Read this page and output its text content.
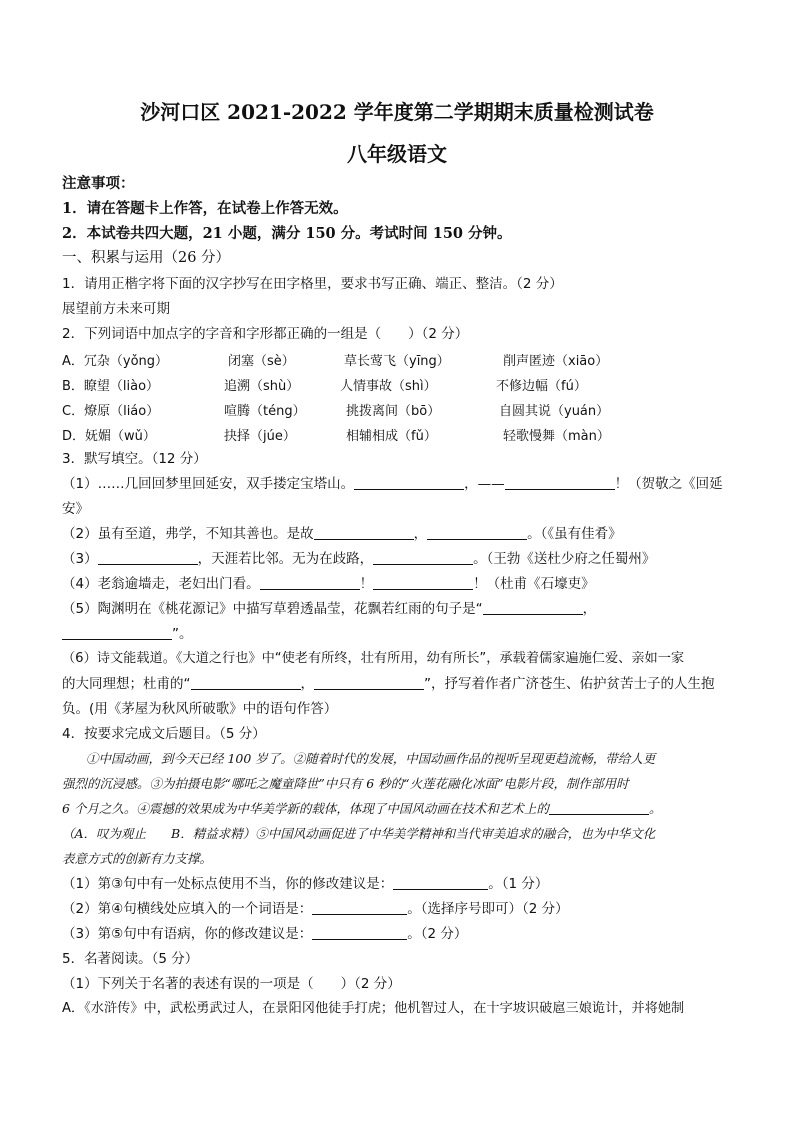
沙河口区 2021-2022 学年度第二学期期末质量检测试卷
八年级语文
注意事项：
1．请在答题卡上作答，在试卷上作答无效。
2．本试卷共四大题，21 小题，满分 150 分。考试时间 150 分钟。
一、积累与运用（26 分）
1．请用正楷字将下面的汉字抄写在田字格里，要求书写正确、端正、整洁。（2 分）
展望前方未来可期
2．下列词语中加点字的字音和字形都正确的一组是（　　）（2 分）
A．冗杂（yǒng）	闭塞（sè）	草长莺飞（yīng）	削声匿迹（xiāo）
B．瞭望（liào）	追溯（shù）	人情事故（shì）	不修边幅（fú）
C．燎原（liáo）	喧腾（téng）	挑拨离间（bō）	自圆其说（yuán）
D．妩媚（wǔ）	抉择（júe）	相辅相成（fǔ）	轻歌慢舞（màn）
3．默写填空。（12 分）
（1）……几回回梦里回延安，双手搂定宝塔山。	，——	！（贺敬之《回延
安》
（2）虽有至道，弗学，不知其善也。是故	，	。（《虽有佳肴》
（3）	，天涯若比邻。无为在歧路，	。（王勃《送杜少府之任蜀州》
（4）老翁逾墙走，老妇出门看。	！	！（杜甫《石壕吏》
（5）陶渊明在《桃花源记》中描写草碧透晶莹，花飘若红雨的句子是“	，
”。
（6）诗文能载道。《大道之行也》中“使老有所终，壮有所用，幼有所长”，承载着儒家遍施仁爱、亲如一家
的大同理想；杜甫的“	，	”，抒写着作者广济苍生、佑护贫苦士子的人生抱
负。(用《茅屋为秋风所破歌》中的语句作答）
4．按要求完成文后题目。（5 分）
①中国动画，到今天已经 100 岁了。②随着时代的发展，中国动画作品的视听呈现更趋流畅，带给人更
强烈的沉浸感。③为拍摄电影“哪吒之魔童降世”中只有 6 秒的“火莲花融化冰面”电影片段，制作部用时
6 个月之久。④震撼的效果成为中华美学新的载体，体现了中国风动画在技术和艺术上的	。
（A．叹为观止　　B．精益求精）⑤中国风动画促进了中华美学精神和当代审美追求的融合，也为中华文化
表意方式的创新有力支撑。
（1）第③句中有一处标点使用不当，你的修改建议是：	。（1 分）
（2）第④句横线处应填入的一个词语是：	。（选择序号即可）（2 分）
（3）第⑤句中有语病，你的修改建议是：	。（2 分）
5．名著阅读。（5 分）
（1）下列关于名著的表述有误的一项是（　　）（2 分）
A．《水浒传》中，武松勇武过人，在景阳冈他徒手打虎；他机智过人，在十字坡识破扈三娘诡计，并将她制
